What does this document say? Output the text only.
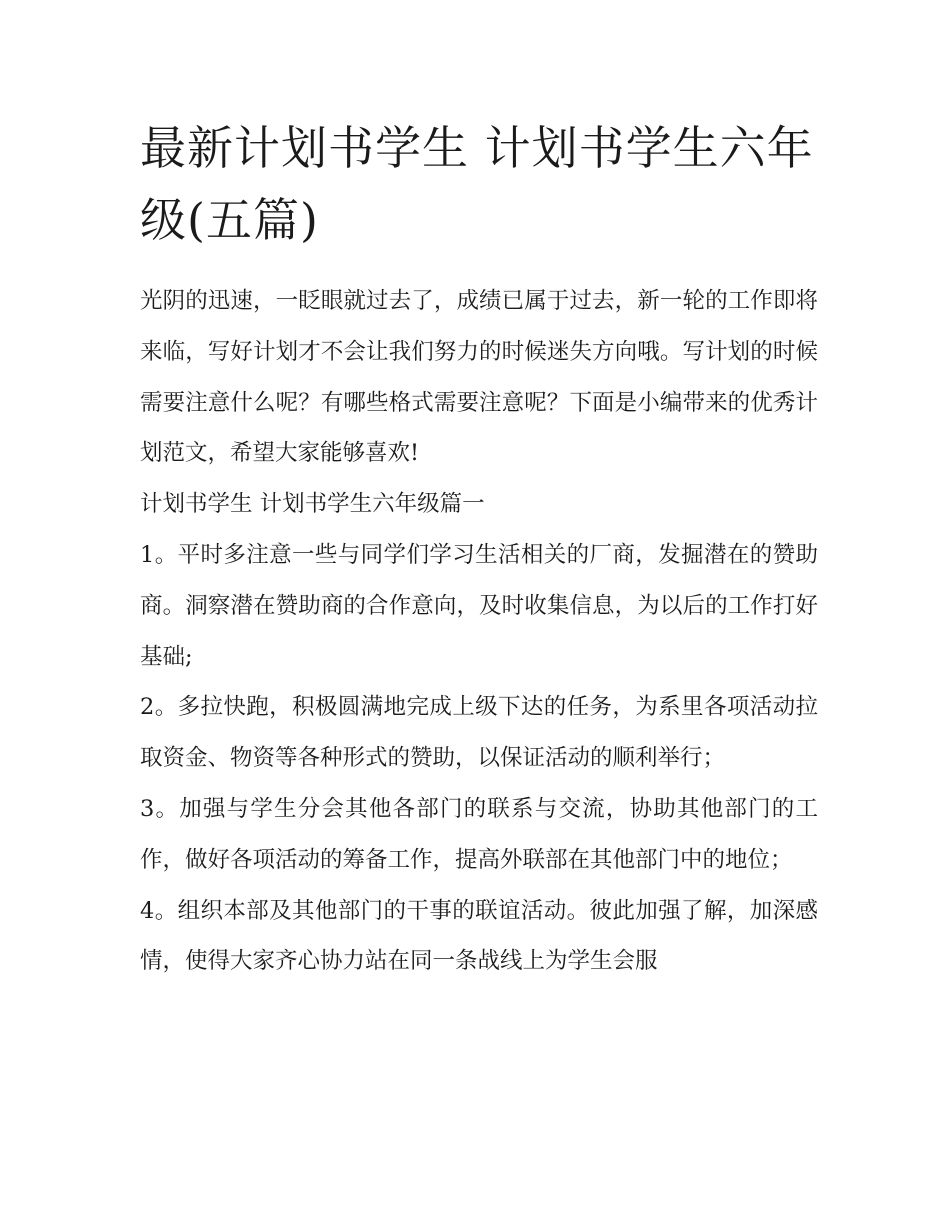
最新计划书学生 计划书学生六年级(五篇)

光阴的迅速，一眨眼就过去了，成绩已属于过去，新一轮的工作即将来临，写好计划才不会让我们努力的时候迷失方向哦。写计划的时候需要注意什么呢？有哪些格式需要注意呢？下面是小编带来的优秀计划范文，希望大家能够喜欢!

计划书学生 计划书学生六年级篇一

1。平时多注意一些与同学们学习生活相关的厂商，发掘潜在的赞助商。洞察潜在赞助商的合作意向，及时收集信息，为以后的工作打好基础;

2。多拉快跑，积极圆满地完成上级下达的任务，为系里各项活动拉取资金、物资等各种形式的赞助，以保证活动的顺利举行；

3。加强与学生分会其他各部门的联系与交流，协助其他部门的工作，做好各项活动的筹备工作，提高外联部在其他部门中的地位；

4。组织本部及其他部门的干事的联谊活动。彼此加强了解，加深感情，使得大家齐心协力站在同一条战线上为学生会服
